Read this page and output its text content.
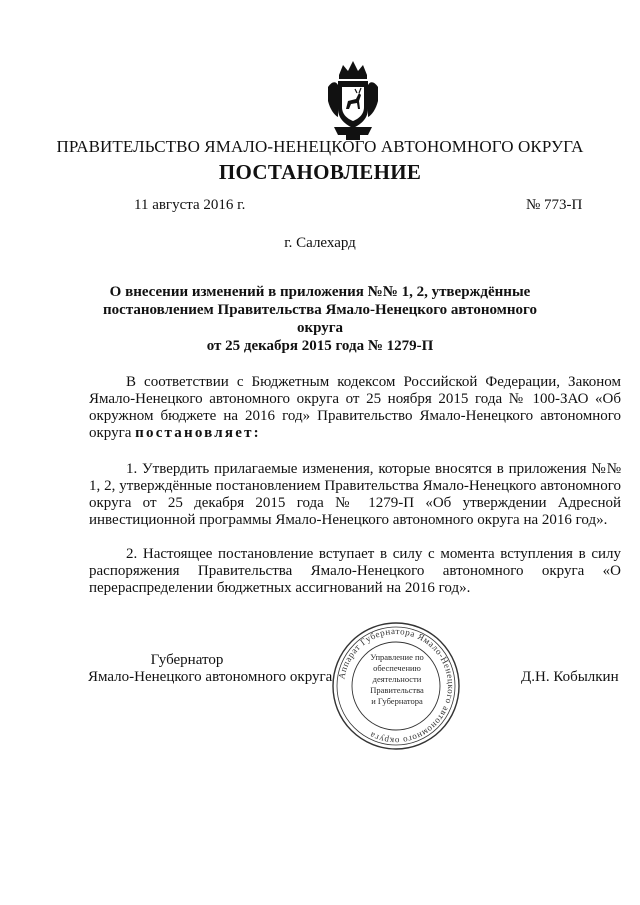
ПРАВИТЕЛЬСТВО ЯМАЛО-НЕНЕЦКОГО АВТОНОМНОГО ОКРУГА
ПОСТАНОВЛЕНИЕ
11 августа 2016 г.	№ 773-П
г. Салехард
О внесении изменений в приложения №№ 1, 2, утверждённые
постановлением Правительства Ямало-Ненецкого автономного округа
от 25 декабря 2015 года № 1279-П
В соответствии с Бюджетным кодексом Российской Федерации, Законом Ямало-Ненецкого автономного округа от 25 ноября 2015 года № 100-ЗАО «Об окружном бюджете на 2016 год» Правительство Ямало-Ненецкого автономного округа постановляет:
1. Утвердить прилагаемые изменения, которые вносятся в приложения №№ 1, 2, утверждённые постановлением Правительства Ямало-Ненецкого автономного округа от 25 декабря 2015 года № 1279-П «Об утверждении Адресной инвестиционной программы Ямало-Ненецкого автономного округа на 2016 год».
2. Настоящее постановление вступает в силу с момента вступления в силу распоряжения Правительства Ямало-Ненецкого автономного округа «О перераспределении бюджетных ассигнований на 2016 год».
Аппарат Губернатора Ямало-Ненецкого автономного округа
Управление по
обеспечению
деятельности
Правительства
и Губернатора
Губернатор
Ямало-Ненецкого автономного округа	Д.Н. Кобылкин
